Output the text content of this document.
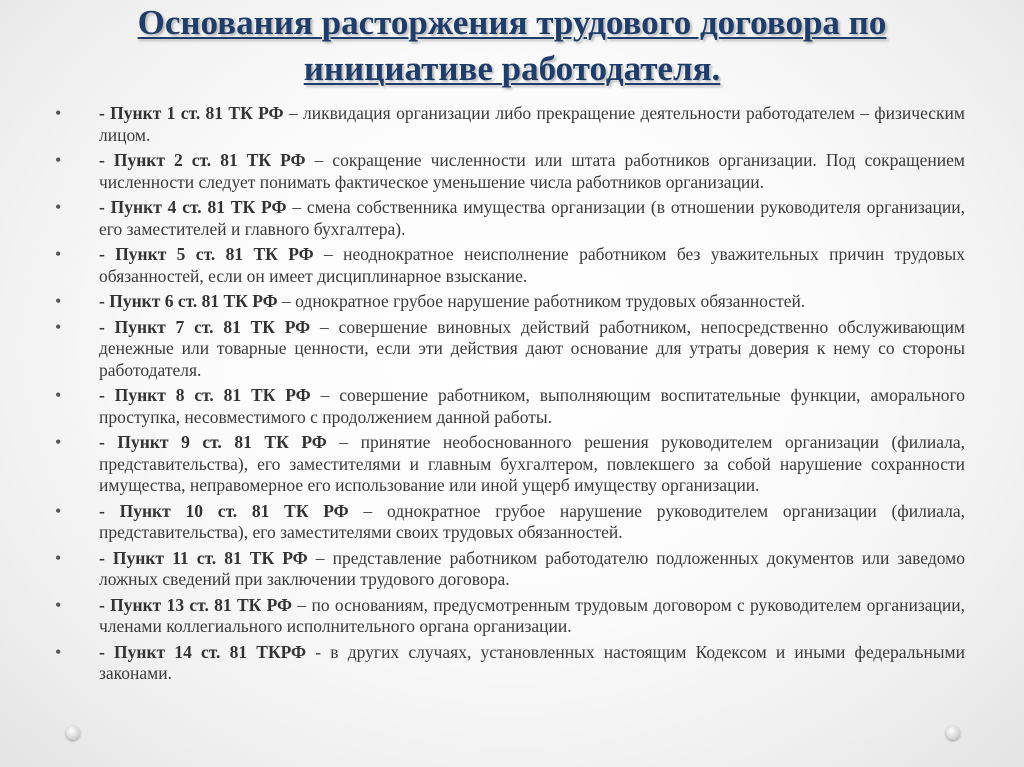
Основания расторжения трудового договора по инициативе работодателя.
• - Пункт 1 ст. 81 ТК РФ – ликвидация организации либо прекращение деятельности работодателем – физическим лицом.
• - Пункт 2 ст. 81 ТК РФ – сокращение численности или штата работников организации. Под сокращением численности следует понимать фактическое уменьшение числа работников организации.
• - Пункт 4 ст. 81 ТК РФ – смена собственника имущества организации (в отношении руководителя организации, его заместителей и главного бухгалтера).
• - Пункт 5 ст. 81 ТК РФ – неоднократное неисполнение работником без уважительных причин трудовых обязанностей, если он имеет дисциплинарное взыскание.
• - Пункт 6 ст. 81 ТК РФ – однократное грубое нарушение работником трудовых обязанностей.
• - Пункт 7 ст. 81 ТК РФ – совершение виновных действий работником, непосредственно обслуживающим денежные или товарные ценности, если эти действия дают основание для утраты доверия к нему со стороны работодателя.
• - Пункт 8 ст. 81 ТК РФ – совершение работником, выполняющим воспитательные функции, аморального проступка, несовместимого с продолжением данной работы.
• - Пункт 9 ст. 81 ТК РФ – принятие необоснованного решения руководителем организации (филиала, представительства), его заместителями и главным бухгалтером, повлекшего за собой нарушение сохранности имущества, неправомерное его использование или иной ущерб имуществу организации.
• - Пункт 10 ст. 81 ТК РФ – однократное грубое нарушение руководителем организации (филиала, представительства), его заместителями своих трудовых обязанностей.
• - Пункт 11 ст. 81 ТК РФ – представление работником работодателю подложенных документов или заведомо ложных сведений при заключении трудового договора.
• - Пункт 13 ст. 81 ТК РФ – по основаниям, предусмотренным трудовым договором с руководителем организации, членами коллегиального исполнительного органа организации.
• - Пункт 14 ст. 81 ТКРФ - в других случаях, установленных настоящим Кодексом и иными федеральными законами.
